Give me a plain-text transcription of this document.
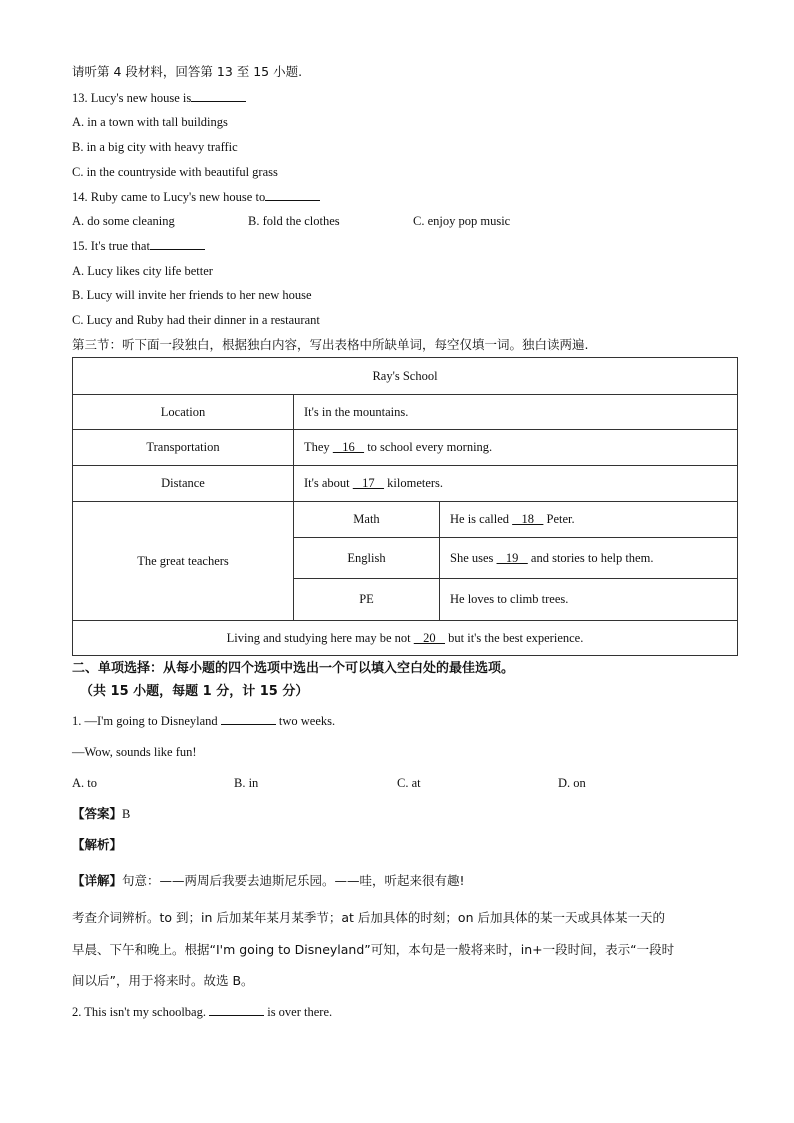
请听第 4 段材料，回答第 13 至 15 小题.
13. Lucy's new house is
A. in a town with tall buildings
B. in a big city with heavy traffic
C. in the countryside with beautiful grass
14. Ruby came to Lucy's new house to
A. do some cleaning	B. fold the clothes	C. enjoy pop music
15. It's true that
A. Lucy likes city life better
B. Lucy will invite her friends to her new house
C. Lucy and Ruby had their dinner in a restaurant
第三节：听下面一段独白，根据独白内容，写出表格中所缺单词，每空仅填一词。独白读两遍.
Ray's School		
Location	It's in the mountains.	
Transportation	They    16    to school every morning.	
Distance	It's about    17    kilometers.	
The great teachers	Math	He is called    18    Peter.
	English	She uses    19    and stories to help them.
	PE	He loves to climb trees.
Living and studying here may be not    20    but it's the best experience.		
二、单项选择：从每小题的四个选项中选出一个可以填入空白处的最佳选项。
（共 15 小题，每题 1 分，计 15 分）
1. —I'm going to Disneyland	two weeks.
—Wow, sounds like fun!
A. to	B. in	C. at	D. on
【答案】B
【解析】
【详解】句意：——两周后我要去迪斯尼乐园。——哇，听起来很有趣!
考查介词辨析。to 到；in 后加某年某月某季节；at 后加具体的时刻；on 后加具体的某一天或具体某一天的
早晨、下午和晚上。根据“I'm going to Disneyland”可知，本句是一般将来时，in+一段时间，表示“一段时
间以后”，用于将来时。故选 B。
2. This isn't my schoolbag.	is over there.
